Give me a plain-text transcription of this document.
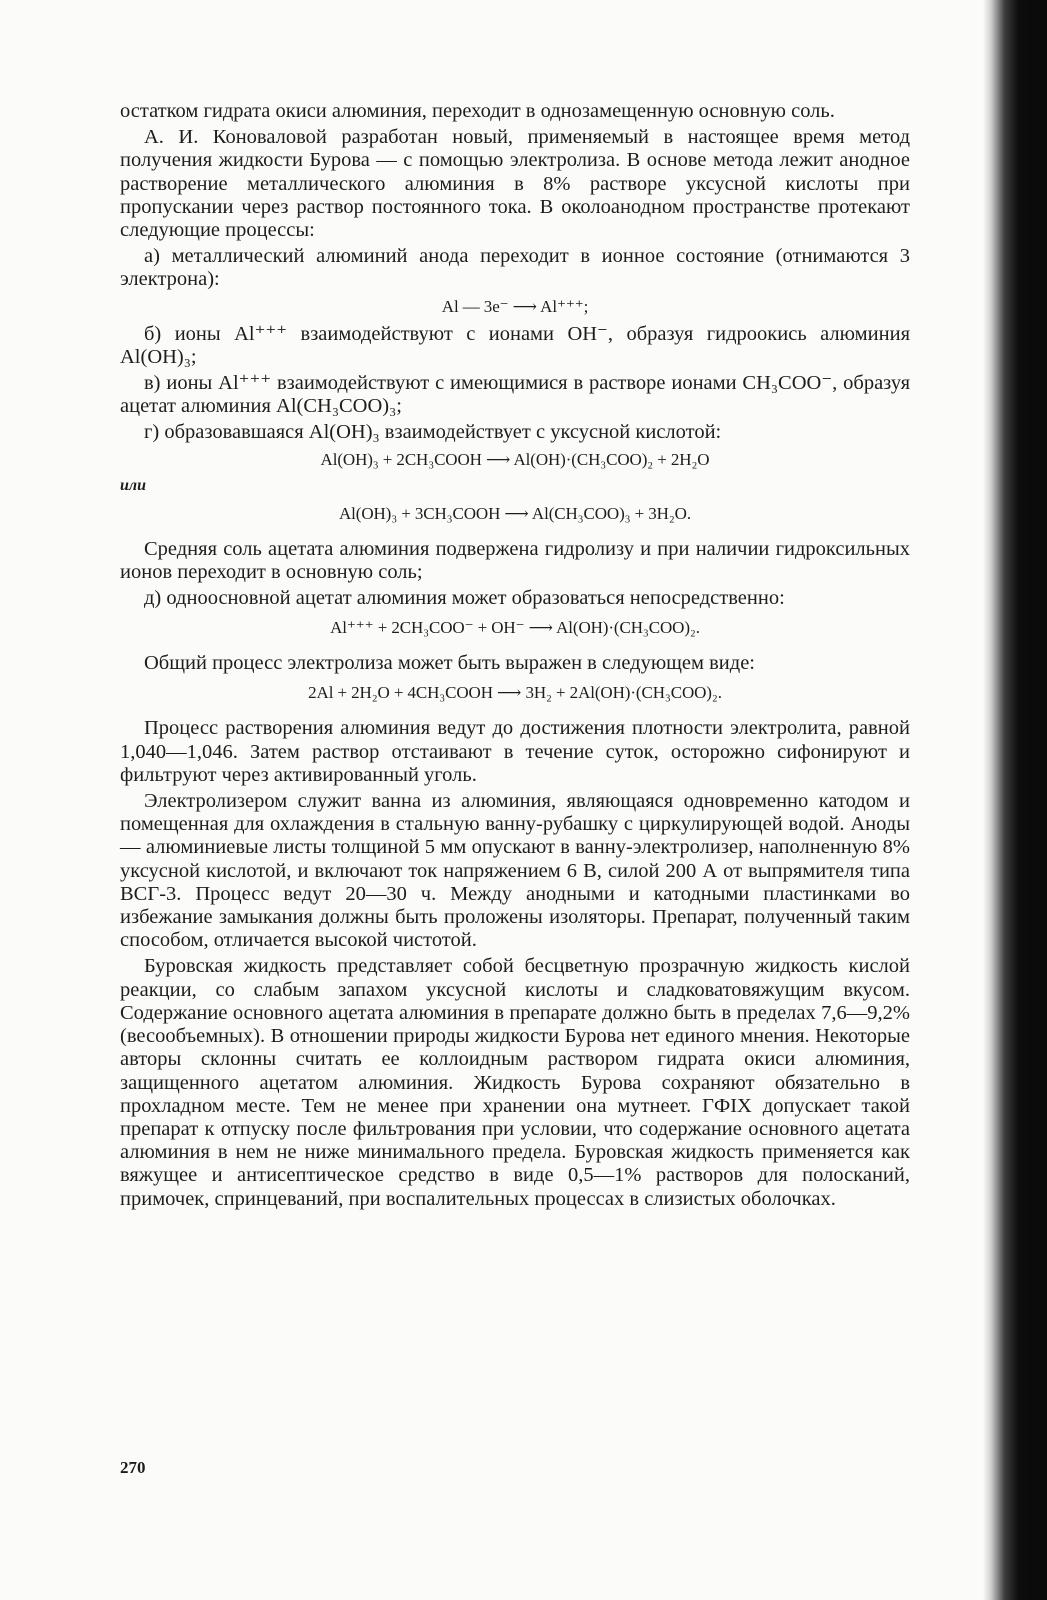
остатком гидрата окиси алюминия, переходит в однозамещенную основную соль.

А. И. Коноваловой разработан новый, применяемый в настоящее время метод получения жидкости Бурова — с помощью электролиза. В основе метода лежит анодное растворение металлического алюминия в 8% растворе уксусной кислоты при пропускании через раствор постоянного тока. В околоанодном пространстве протекают следующие процессы:

а) металлический алюминий анода переходит в ионное состояние (отнимаются 3 электрона):

Al — 3e⁻ ⟶ Al⁺⁺⁺;

б) ионы Al⁺⁺⁺ взаимодействуют с ионами OH⁻, образуя гидроокись алюминия Al(OH)₃;

в) ионы Al⁺⁺⁺ взаимодействуют с имеющимися в растворе ионами CH₃COO⁻, образуя ацетат алюминия Al(CH₃COO)₃;

г) образовавшаяся Al(OH)₃ взаимодействует с уксусной кислотой:

Al(OH)₃ + 2CH₃COOH ⟶ Al(OH)·(CH₃COO)₂ + 2H₂O
или
Al(OH)₃ + 3CH₃COOH ⟶ Al(CH₃COO)₃ + 3H₂O.

Средняя соль ацетата алюминия подвержена гидролизу и при наличии гидроксильных ионов переходит в основную соль;

д) одноосновной ацетат алюминия может образоваться непосредственно:

Al⁺⁺⁺ + 2CH₃COO⁻ + OH⁻ ⟶ Al(OH)·(CH₃COO)₂.

Общий процесс электролиза может быть выражен в следующем виде:

2Al + 2H₂O + 4CH₃COOH ⟶ 3H₂ + 2Al(OH)·(CH₃COO)₂.

Процесс растворения алюминия ведут до достижения плотности электролита, равной 1,040—1,046. Затем раствор отстаивают в течение суток, осторожно сифонируют и фильтруют через активированный уголь.

Электролизером служит ванна из алюминия, являющаяся одновременно катодом и помещенная для охлаждения в стальную ванну-рубашку с циркулирующей водой. Аноды — алюминиевые листы толщиной 5 мм опускают в ванну-электролизер, наполненную 8% уксусной кислотой, и включают ток напряжением 6 В, силой 200 А от выпрямителя типа ВСГ-3. Процесс ведут 20—30 ч. Между анодными и катодными пластинками во избежание замыкания должны быть проложены изоляторы. Препарат, полученный таким способом, отличается высокой чистотой.

Буровская жидкость представляет собой бесцветную прозрачную жидкость кислой реакции, со слабым запахом уксусной кислоты и сладковатовяжущим вкусом. Содержание основного ацетата алюминия в препарате должно быть в пределах 7,6—9,2% (весообъемных). В отношении природы жидкости Бурова нет единого мнения. Некоторые авторы склонны считать ее коллоидным раствором гидрата окиси алюминия, защищенного ацетатом алюминия. Жидкость Бурова сохраняют обязательно в прохладном месте. Тем не менее при хранении она мутнеет. ГФIX допускает такой препарат к отпуску после фильтрования при условии, что содержание основного ацетата алюминия в нем не ниже минимального предела. Буровская жидкость применяется как вяжущее и антисептическое средство в виде 0,5—1% растворов для полосканий, примочек, спринцеваний, при воспалительных процессах в слизистых оболочках.

270
